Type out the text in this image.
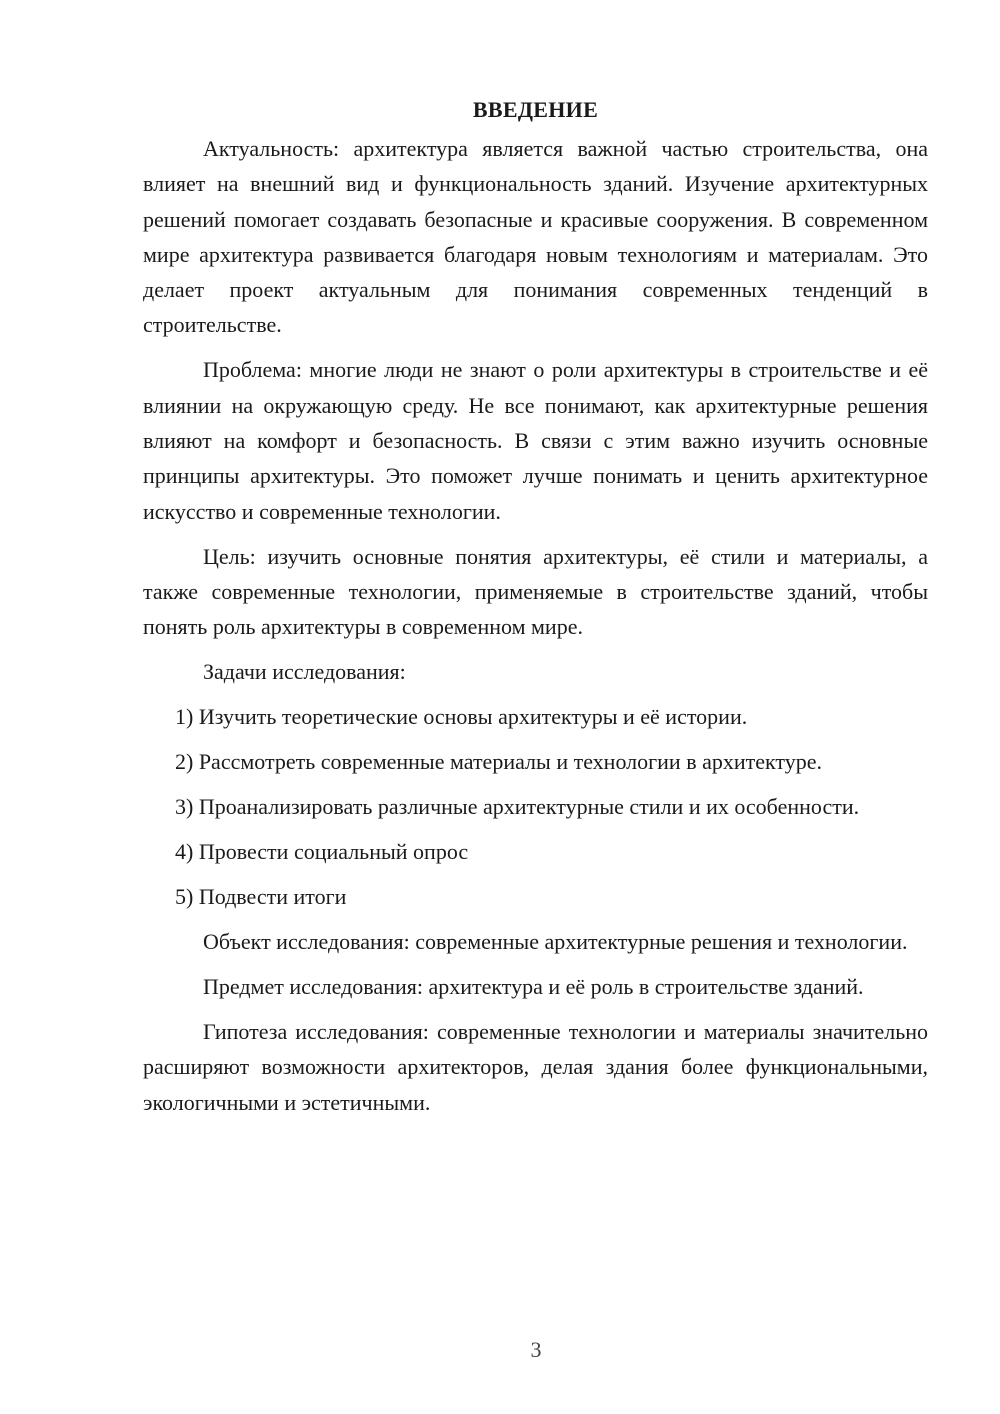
ВВЕДЕНИЕ

Актуальность: архитектура является важной частью строительства, она влияет на внешний вид и функциональность зданий. Изучение архитектурных решений помогает создавать безопасные и красивые сооружения. В современном мире архитектура развивается благодаря новым технологиям и материалам. Это делает проект актуальным для понимания современных тенденций в строительстве.

Проблема: многие люди не знают о роли архитектуры в строительстве и её влиянии на окружающую среду. Не все понимают, как архитектурные решения влияют на комфорт и безопасность. В связи с этим важно изучить основные принципы архитектуры. Это поможет лучше понимать и ценить архитектурное искусство и современные технологии.

Цель: изучить основные понятия архитектуры, её стили и материалы, а также современные технологии, применяемые в строительстве зданий, чтобы понять роль архитектуры в современном мире.

Задачи исследования:

1) Изучить теоретические основы архитектуры и её истории.

2) Рассмотреть современные материалы и технологии в архитектуре.

3) Проанализировать различные архитектурные стили и их особенности.

4) Провести социальный опрос

5) Подвести итоги

Объект исследования: современные архитектурные решения и технологии.

Предмет исследования: архитектура и её роль в строительстве зданий.

Гипотеза исследования: современные технологии и материалы значительно расширяют возможности архитекторов, делая здания более функциональными, экологичными и эстетичными.

3
